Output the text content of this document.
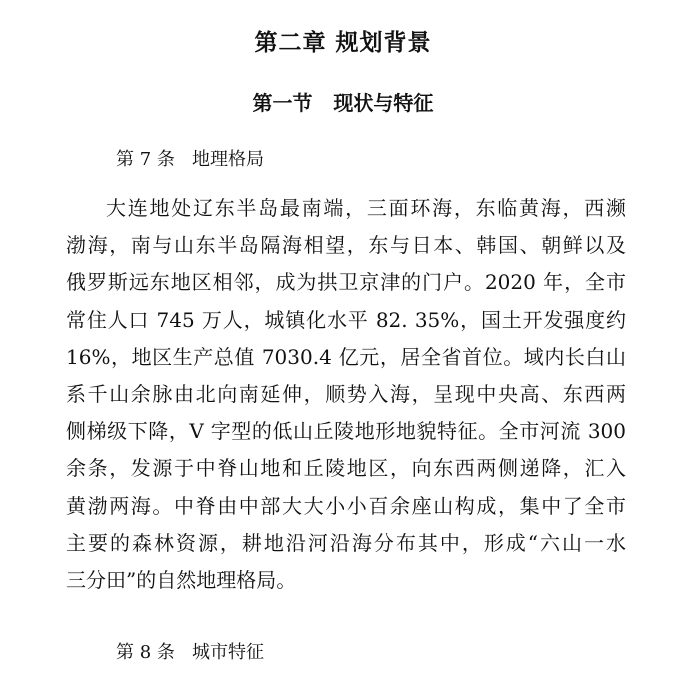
第二章 规划背景
第一节   现状与特征
第 7 条   地理格局
大连地处辽东半岛最南端，三面环海，东临黄海，西濒
渤海，南与山东半岛隔海相望，东与日本、韩国、朝鲜以及
俄罗斯远东地区相邻，成为拱卫京津的门户。2020 年，全市
常住人口 745 万人，城镇化水平 82. 35%，国土开发强度约
16%，地区生产总值 7030.4 亿元，居全省首位。域内长白山
系千山余脉由北向南延伸，顺势入海，呈现中央高、东西两
侧梯级下降，V 字型的低山丘陵地形地貌特征。全市河流 300
余条，发源于中脊山地和丘陵地区，向东西两侧递降，汇入
黄渤两海。中脊由中部大大小小百余座山构成，集中了全市
主要的森林资源，耕地沿河沿海分布其中，形成“六山一水
三分田”的自然地理格局。
第 8 条   城市特征
